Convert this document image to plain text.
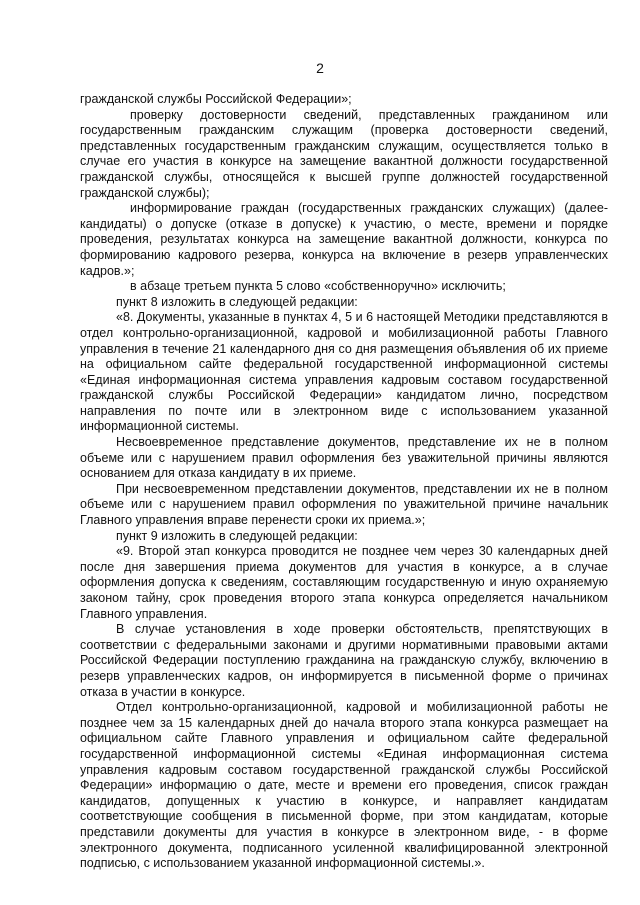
2

гражданской службы Российской Федерации»;

проверку достоверности сведений, представленных гражданином или государственным гражданским служащим (проверка достоверности сведений, представленных государственным гражданским служащим, осуществляется только в случае его участия в конкурсе на замещение вакантной должности государственной гражданской службы, относящейся к высшей группе должностей государственной гражданской службы);

информирование граждан (государственных гражданских служащих) (далее-кандидаты) о допуске (отказе в допуске) к участию, о месте, времени и порядке проведения, результатах конкурса на замещение вакантной должности, конкурса по формированию кадрового резерва, конкурса на включение в резерв управленческих кадров.»;

в абзаце третьем пункта 5 слово «собственноручно» исключить;

пункт 8 изложить в следующей редакции:

«8. Документы, указанные в пунктах 4, 5 и 6 настоящей Методики представляются в отдел контрольно-организационной, кадровой и мобилизационной работы Главного управления в течение 21 календарного дня со дня размещения объявления об их приеме на официальном сайте федеральной государственной информационной системы «Единая информационная система управления кадровым составом государственной гражданской службы Российской Федерации» кандидатом лично, посредством направления по почте или в электронном виде с использованием указанной информационной системы.

Несвоевременное представление документов, представление их не в полном объеме или с нарушением правил оформления без уважительной причины являются основанием для отказа кандидату в их приеме.

При несвоевременном представлении документов, представлении их не в полном объеме или с нарушением правил оформления по уважительной причине начальник Главного управления вправе перенести сроки их приема.»;

пункт 9 изложить в следующей редакции:

«9. Второй этап конкурса проводится не позднее чем через 30 календарных дней после дня завершения приема документов для участия в конкурсе, а в случае оформления допуска к сведениям, составляющим государственную и иную охраняемую законом тайну, срок проведения второго этапа конкурса определяется начальником Главного управления.

В случае установления в ходе проверки обстоятельств, препятствующих в соответствии с федеральными законами и другими нормативными правовыми актами Российской Федерации поступлению гражданина на гражданскую службу, включению в резерв управленческих кадров, он информируется в письменной форме о причинах отказа в участии в конкурсе.

Отдел контрольно-организационной, кадровой и мобилизационной работы не позднее чем за 15 календарных дней до начала второго этапа конкурса размещает на официальном сайте Главного управления и официальном сайте федеральной государственной информационной системы «Единая информационная система управления кадровым составом государственной гражданской службы Российской Федерации» информацию о дате, месте и времени его проведения, список граждан кандидатов, допущенных к участию в конкурсе, и направляет кандидатам соответствующие сообщения в письменной форме, при этом кандидатам, которые представили документы для участия в конкурсе в электронном виде, - в форме электронного документа, подписанного усиленной квалифицированной электронной подписью, с использованием указанной информационной системы.».
